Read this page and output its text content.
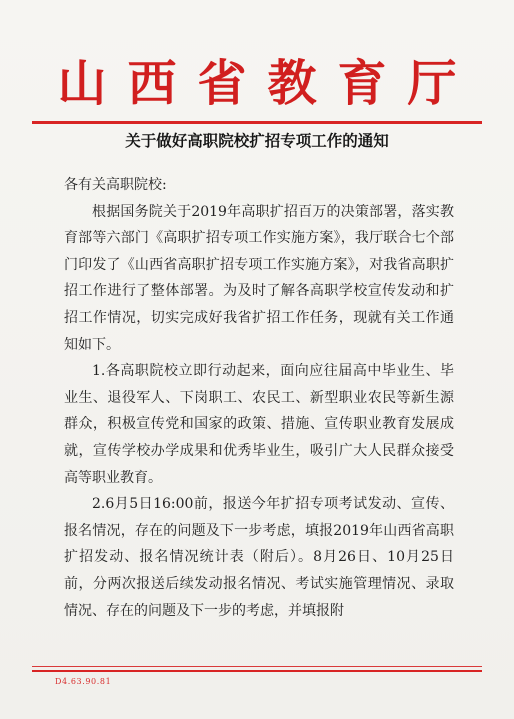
山西省教育厅
关于做好高职院校扩招专项工作的通知

各有关高职院校:

根据国务院关于2019年高职扩招百万的决策部署，落实教育部等六部门《高职扩招专项工作实施方案》，我厅联合七个部门印发了《山西省高职扩招专项工作实施方案》，对我省高职扩招工作进行了整体部署。为及时了解各高职学校宣传发动和扩招工作情况，切实完成好我省扩招工作任务，现就有关工作通知如下。

1.各高职院校立即行动起来，面向应往届高中毕业生、毕业生、退役军人、下岗职工、农民工、新型职业农民等新生源群众，积极宣传党和国家的政策、措施、宣传职业教育发展成就，宣传学校办学成果和优秀毕业生，吸引广大人民群众接受高等职业教育。

2.6月5日16:00前，报送今年扩招专项考试发动、宣传、报名情况，存在的问题及下一步考虑，填报2019年山西省高职扩招发动、报名情况统计表（附后）。8月26日、10月25日前，分两次报送后续发动报名情况、考试实施管理情况、录取情况、存在的问题及下一步的考虑，并填报附

D4.63.90.81
